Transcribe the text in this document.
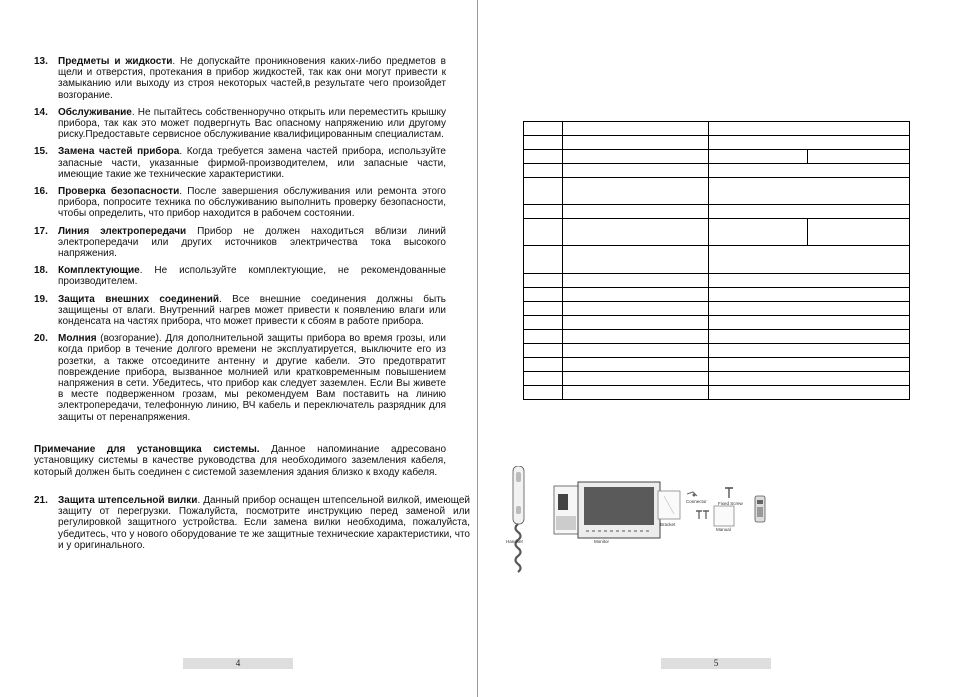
13. Предметы и жидкости. Не допускайте проникновения каких-либо предметов в щели и отверстия, протекания в прибор жидкостей, так как они могут привести к замыканию или выходу из строя некоторых частей,в результате чего произойдет возгорание.
14. Обслуживание. Не пытайтесь собственноручно открыть или переместить крышку прибора, так как это может подвергнуть Вас опасному напряжению или другому риску.Предоставьте сервисное обслуживание квалифицированным специалистам.
15. Замена частей прибора. Когда требуется замена частей прибора, используйте запасные части, указанные фирмой-производителем, или запасные части, имеющие такие же технические характеристики.
16. Проверка безопасности. После завершения обслуживания или ремонта этого прибора, попросите техника по обслуживанию выполнить проверку безопасности, чтобы определить, что прибор находится в рабочем состоянии.
17. Линия электропередачи Прибор не должен находиться вблизи линий электропередачи или других источников электричества тока высокого напряжения.
18. Комплектующие. Не используйте комплектующие, не рекомендованные производителем.
19. Защита внешних соединений. Все внешние соединения должны быть защищены от влаги. Внутренний нагрев может привести к появлению влаги или конденсата на частях прибора, что может привести к сбоям в работе прибора.
20. Молния (возгорание). Для дополнительной защиты прибора во время грозы, или когда прибор в течение долгого времени не эксплуатируется, выключите его из розетки, а также отсоедините антенну и другие кабели. Это предотвратит повреждение прибора, вызванное молнией или кратковременным повышением напряжения в сети. Убедитесь, что прибор как следует заземлен. Если Вы живете в месте подверженном грозам, мы рекомендуем Вам поставить на линию электропередачи, телефонную линию, ВЧ кабель и переключатель разрядник для защиты от перенапряжения.
Примечание для установщика системы. Данное напоминание адресовано установщику системы в качестве руководства для необходимого заземления кабеля, который должен быть соединен с системой заземления здания близко к входу кабеля.
21. Защита штепсельной вилки. Данный прибор оснащен штепсельной вилкой, имеющей защиту от перегрузки. Пожалуйста, посмотрите инструкцию перед заменой или регулировкой защитного устройства. Если замена вилки необходима, пожалуйста, убедитесь, что у нового оборудование те же защитные технические характеристики, что и у оригинального.
4

Handset	Monitor
Bracket
Connector Fixed Screw
Manual
5
